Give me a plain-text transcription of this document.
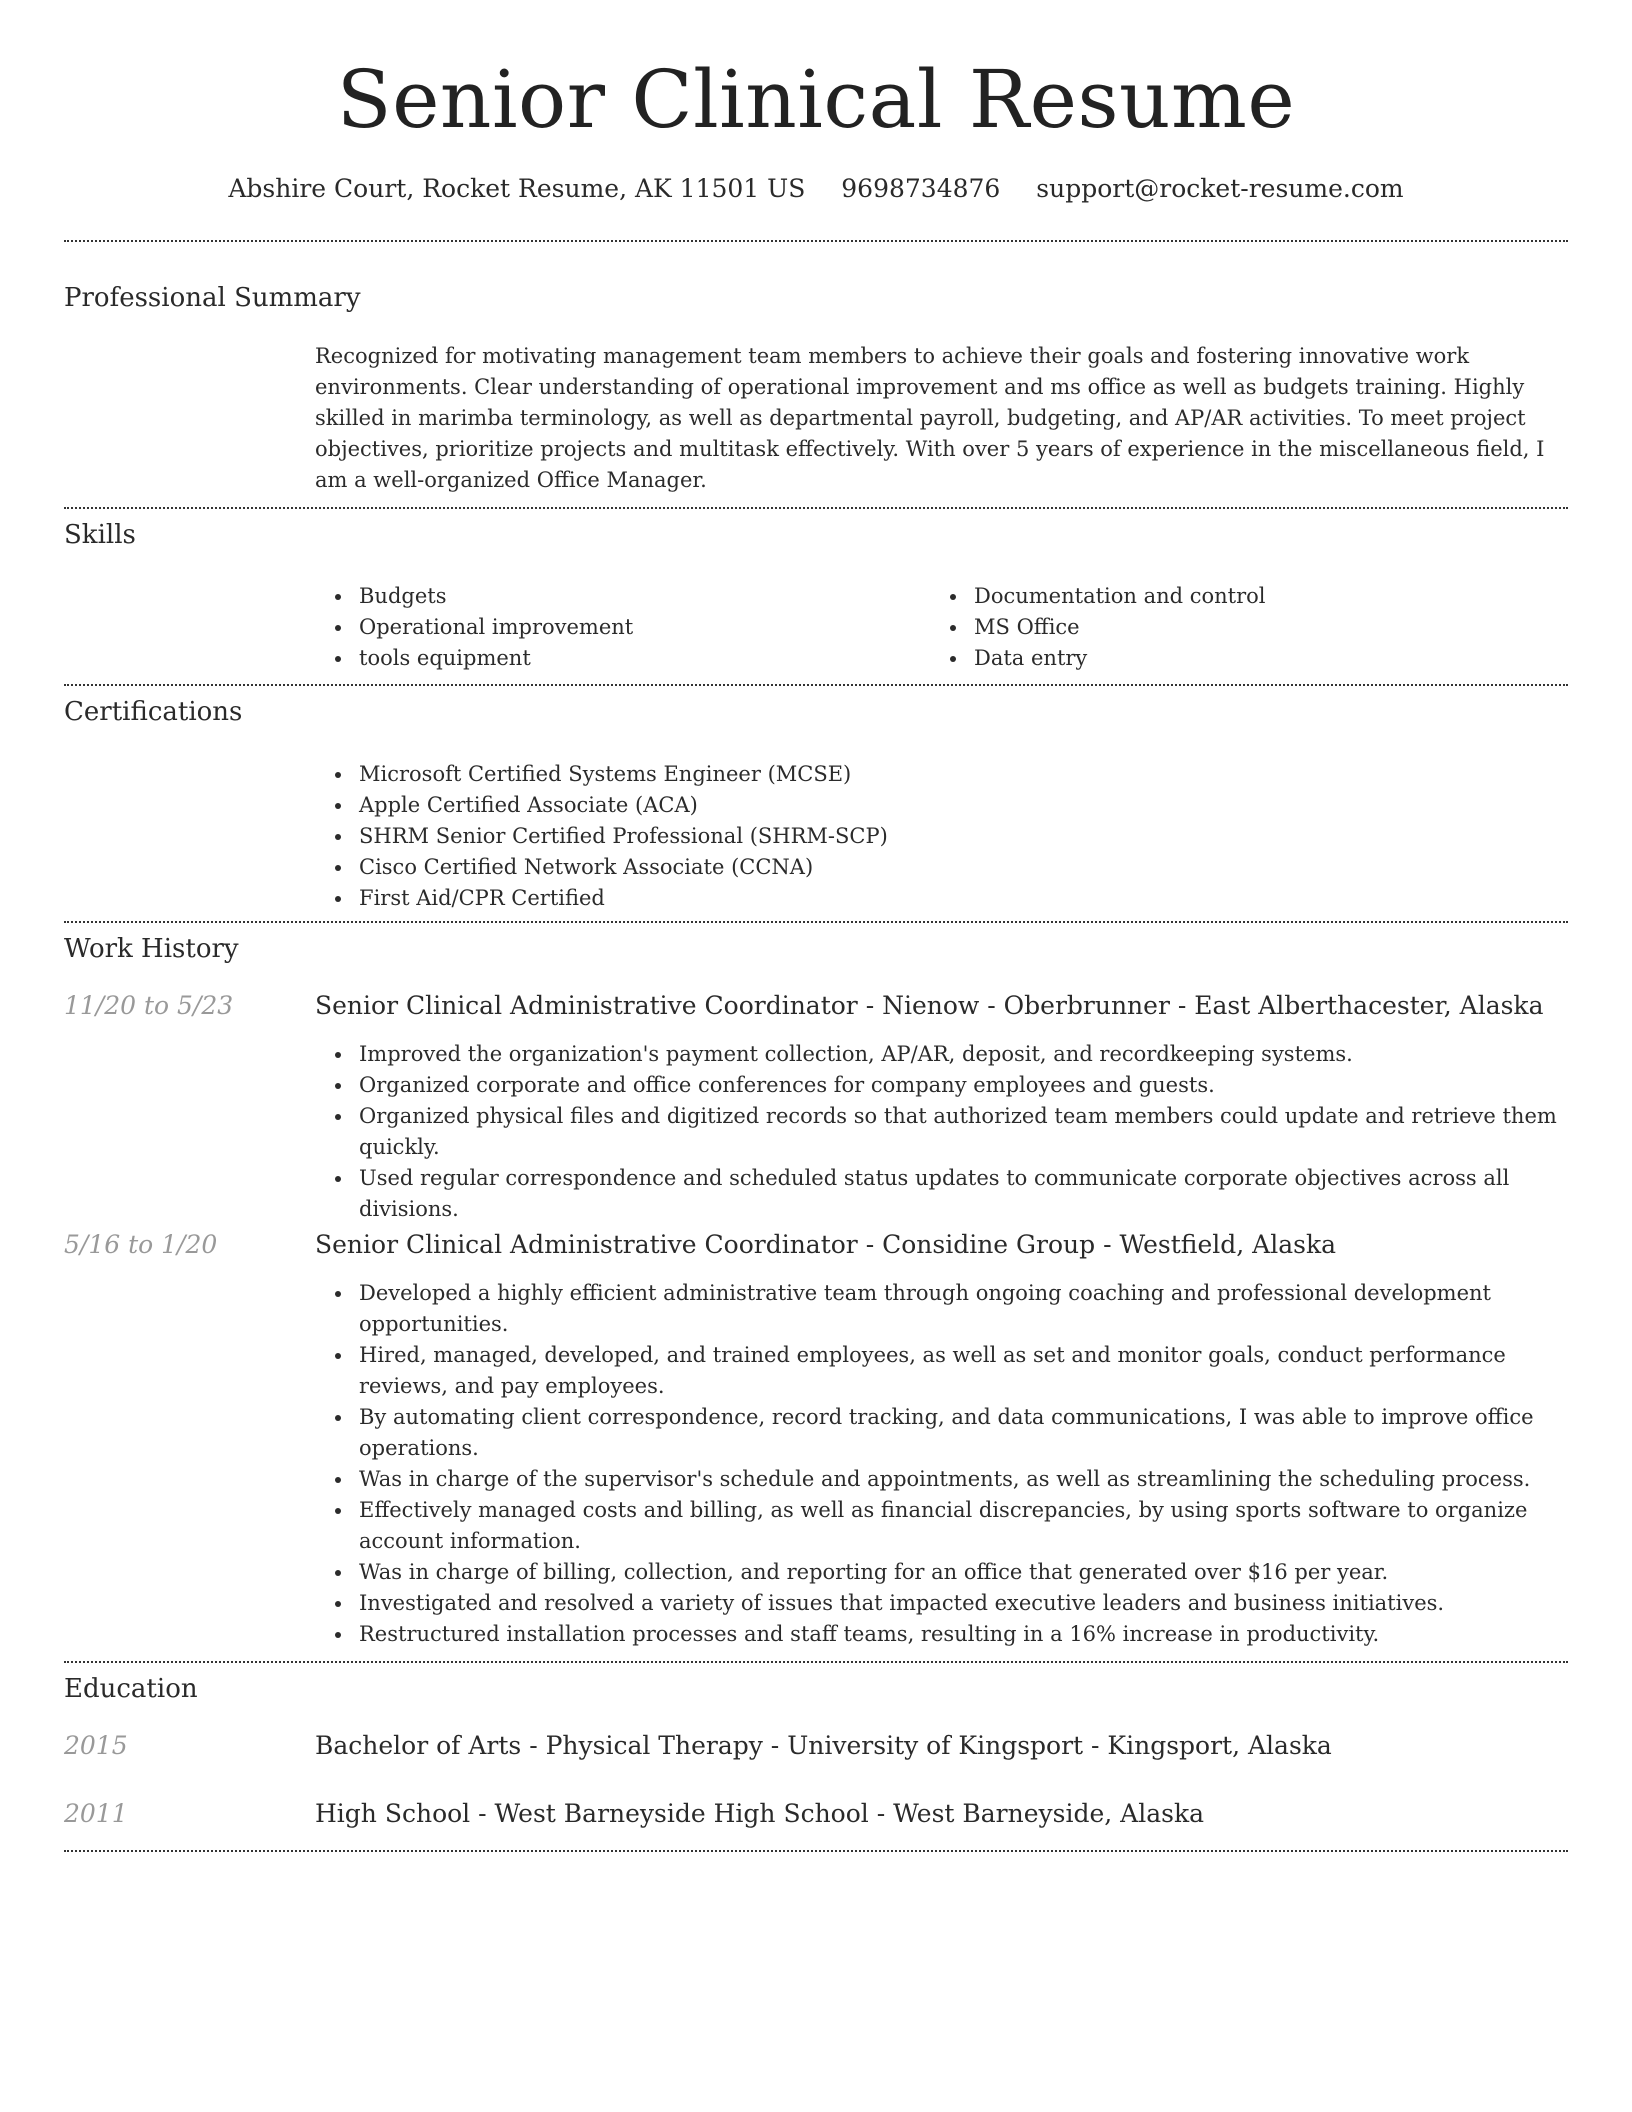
Senior Clinical Resume
Abshire Court, Rocket Resume, AK 11501 US 9698734876 support@rocket-resume.com
Professional Summary
Recognized for motivating management team members to achieve their goals and fostering innovative work environments. Clear understanding of operational improvement and ms office as well as budgets training. Highly skilled in marimba terminology, as well as departmental payroll, budgeting, and AP/AR activities. To meet project objectives, prioritize projects and multitask effectively. With over 5 years of experience in the miscellaneous field, I am a well-organized Office Manager.
Skills
Budgets
Operational improvement
tools equipment
Documentation and control
MS Office
Data entry
Certifications
Microsoft Certified Systems Engineer (MCSE)
Apple Certified Associate (ACA)
SHRM Senior Certified Professional (SHRM-SCP)
Cisco Certified Network Associate (CCNA)
First Aid/CPR Certified
Work History
11/20 to 5/23	Senior Clinical Administrative Coordinator - Nienow - Oberbrunner - East Alberthacester, Alaska
Improved the organization's payment collection, AP/AR, deposit, and recordkeeping systems.
Organized corporate and office conferences for company employees and guests.
Organized physical files and digitized records so that authorized team members could update and retrieve them quickly.
Used regular correspondence and scheduled status updates to communicate corporate objectives across all divisions.
5/16 to 1/20	Senior Clinical Administrative Coordinator - Considine Group - Westfield, Alaska
Developed a highly efficient administrative team through ongoing coaching and professional development opportunities.
Hired, managed, developed, and trained employees, as well as set and monitor goals, conduct performance reviews, and pay employees.
By automating client correspondence, record tracking, and data communications, I was able to improve office operations.
Was in charge of the supervisor's schedule and appointments, as well as streamlining the scheduling process.
Effectively managed costs and billing, as well as financial discrepancies, by using sports software to organize account information.
Was in charge of billing, collection, and reporting for an office that generated over $16 per year.
Investigated and resolved a variety of issues that impacted executive leaders and business initiatives.
Restructured installation processes and staff teams, resulting in a 16% increase in productivity.
Education
2015	Bachelor of Arts - Physical Therapy - University of Kingsport - Kingsport, Alaska
2011	High School - West Barneyside High School - West Barneyside, Alaska
